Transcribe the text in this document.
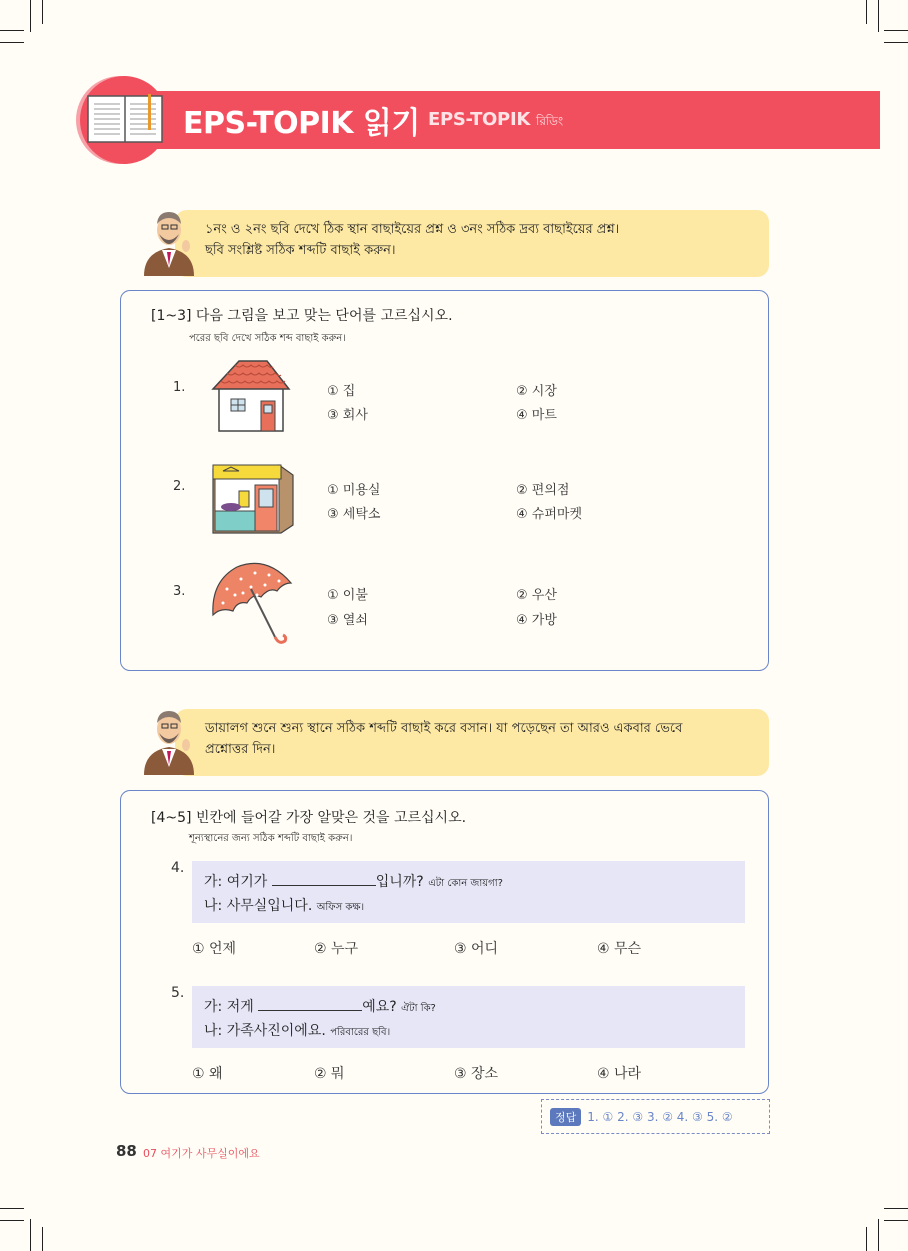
EPS-TOPIK 읽기 EPS-TOPIK রিডিং
১নং ও ২নং ছবি দেখে ঠিক স্থান বাছাইয়ের প্রশ্ন ও ৩নং সঠিক দ্রব্য বাছাইয়ের প্রশ্ন।
ছবি সংশ্লিষ্ট সঠিক শব্দটি বাছাই করুন।
[1~3] 다음 그림을 보고 맞는 단어를 고르십시오.
পরের ছবি দেখে সঠিক শব্দ বাছাই করুন।
1.	① 집	② 시장
③ 회사	④ 마트
2.	① 미용실	② 편의점
③ 세탁소	④ 슈퍼마켓
3.	① 이불	② 우산
③ 열쇠	④ 가방
ডায়ালগ শুনে শুন্য স্থানে সঠিক শব্দটি বাছাই করে বসান। যা পড়েছেন তা আরও একবার ভেবে
প্রশ্নোত্তর দিন।
[4~5] 빈칸에 들어갈 가장 알맞은 것을 고르십시오.
শূন্যস্থানের জন্য সঠিক শব্দটি বাছাই করুন।
4.
가: 여기가	입니까? এটা কোন জায়গা?
나: 사무실입니다. অফিস কক্ষ।
① 언제	② 누구	③ 어디	④ 무슨
5.
가: 저게	예요? ঐটা কি?
나: 가족사진이에요. পরিবারের ছবি।
① 왜	② 뭐	③ 장소	④ 나라
정답 1. ① 2. ③ 3. ② 4. ③ 5. ②
88 07 여기가 사무실이에요
